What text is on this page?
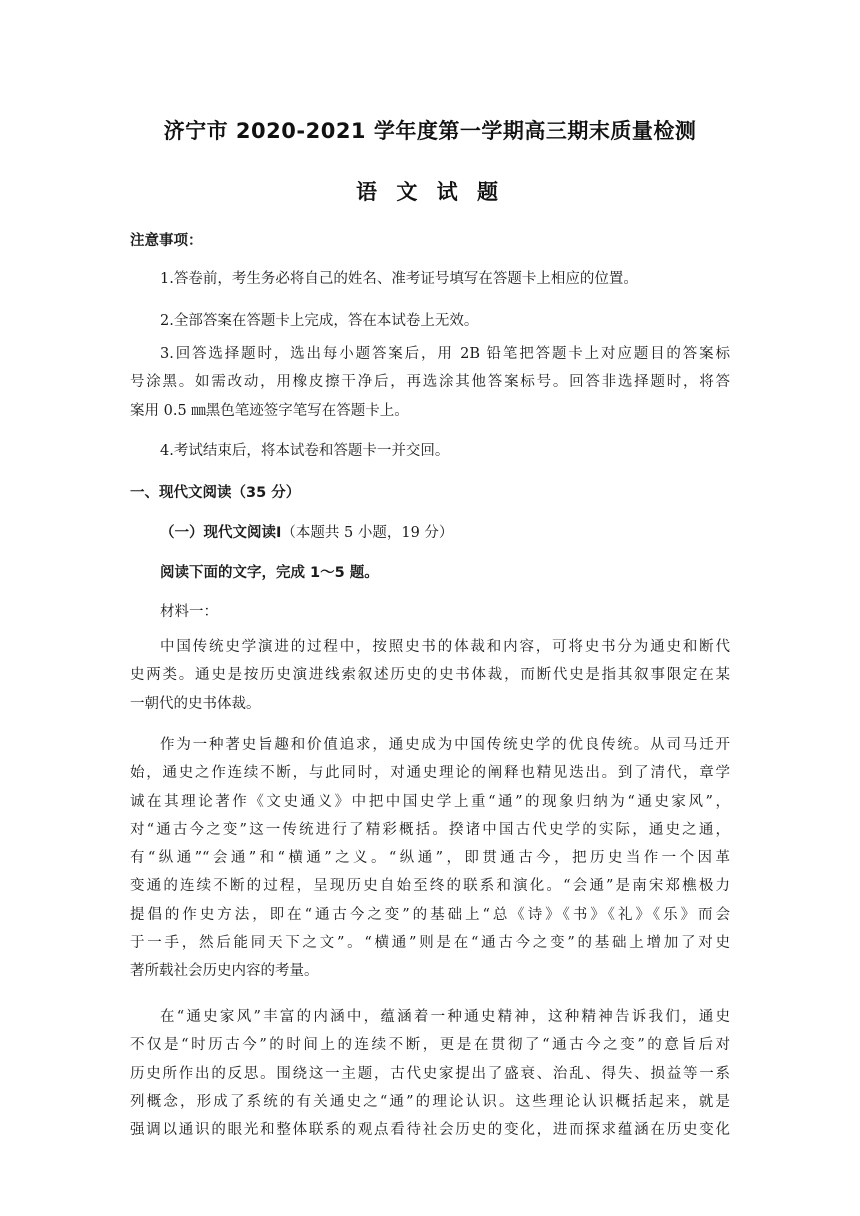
济宁市 2020-2021 学年度第一学期高三期末质量检测
语 文 试 题
注意事项：
1.答卷前，考生务必将自己的姓名、准考证号填写在答题卡上相应的位置。
2.全部答案在答题卡上完成，答在本试卷上无效。
3.回答选择题时，选出每小题答案后，用 2B 铅笔把答题卡上对应题目的答案标
号涂黑。如需改动，用橡皮擦干净后，再选涂其他答案标号。回答非选择题时，将答
案用 0.5 ㎜黑色笔迹签字笔写在答题卡上。
4.考试结束后，将本试卷和答题卡一并交回。
一、现代文阅读（35 分）
（一）现代文阅读Ⅰ（本题共 5 小题，19 分）
阅读下面的文字，完成 1～5 题。
材料一：
中国传统史学演进的过程中，按照史书的体裁和内容，可将史书分为通史和断代
史两类。通史是按历史演进线索叙述历史的史书体裁，而断代史是指其叙事限定在某
一朝代的史书体裁。
作为一种著史旨趣和价值追求，通史成为中国传统史学的优良传统。从司马迁开
始，通史之作连续不断，与此同时，对通史理论的阐释也精见迭出。到了清代，章学
诚在其理论著作《文史通义》中把中国史学上重“通”的现象归纳为“通史家风”，
对“通古今之变”这一传统进行了精彩概括。揆诸中国古代史学的实际，通史之通，
有“纵通”“会通”和“横通”之义。“纵通”，即贯通古今，把历史当作一个因革
变通的连续不断的过程，呈现历史自始至终的联系和演化。“会通”是南宋郑樵极力
提倡的作史方法，即在“通古今之变”的基础上“总《诗》《书》《礼》《乐》而会
于一手，然后能同天下之文”。“横通”则是在“通古今之变”的基础上增加了对史
著所载社会历史内容的考量。
在“通史家风”丰富的内涵中，蕴涵着一种通史精神，这种精神告诉我们，通史
不仅是“时历古今”的时间上的连续不断，更是在贯彻了“通古今之变”的意旨后对
历史所作出的反思。围绕这一主题，古代史家提出了盛衰、治乱、得失、损益等一系
列概念，形成了系统的有关通史之“通”的理论认识。这些理论认识概括起来，就是
强调以通识的眼光和整体联系的观点看待社会历史的变化，进而探求蕴涵在历史变化
